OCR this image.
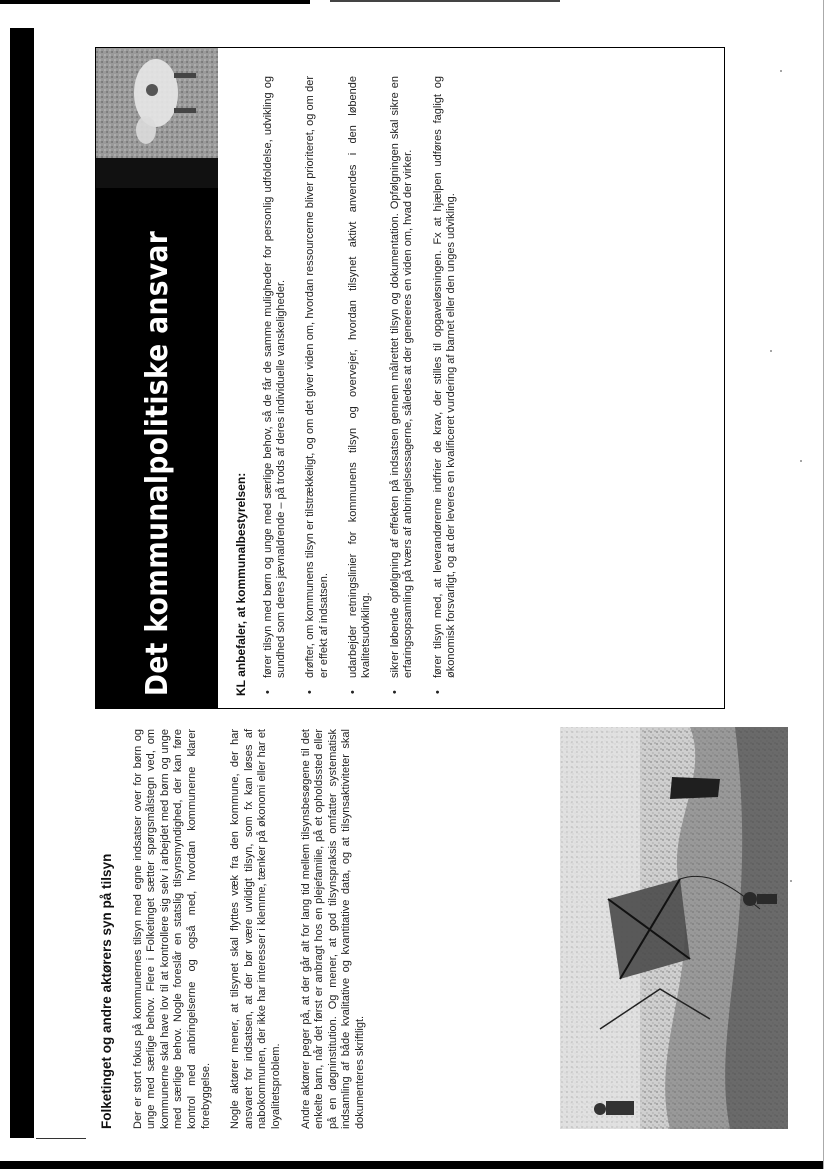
Folketinget og andre aktørers syn på tilsyn Der er stort fokus på kommunernes tilsyn med egne indsatser over for børn og unge med særlige behov. Flere i Folketinget sætter spørgsmålstegn ved, om kommunerne skal have lov til at kontrollere sig selv i arbejdet med børn og unge med særlige behov. Nogle foreslår en statslig tilsynsmyndighed, der kan føre kontrol med anbringelserne og også med, hvordan kommunerne klarer forebyggelse. Nogle aktører mener, at tilsynet skal flyttes væk fra den kommune, der har ansvaret for indsatsen, at der bør være uvildigt tilsyn, som fx kan løses af nabokommunen, der ikke har interesser i klemme, tænker på økonomi eller har et loyalitetsproblem. Andre aktører peger på, at der går alt for lang tid mellem tilsynsbesøgene til det enkelte barn, når det først er anbragt hos en plejefamilie, på et opholdssted eller på en døgninstitution. Og mener, at god tilsynspraksis omfatter systematisk indsamling af både kvalitative og kvantitative data, og at tilsynsaktiviteter skal dokumenteres skriftligt.

Det kommunalpolitiske ansvar	KL anbefaler, at kommunalbestyrelsen: •
fører tilsyn med børn og unge med særlige behov, så de får de samme muligheder for personlig udfoldelse, udvikling og sundhed som deres jævnaldrende – på trods af deres individuelle vanskeligheder.
•
drøfter, om kommunens tilsyn er tilstrækkeligt, og om det giver viden om, hvordan ressourcerne bliver prioriteret, og om der er effekt af indsatsen.
•
udarbejder retningslinier for kommunens tilsyn og overvejer, hvordan tilsynet aktivt anvendes i den løbende kvalitetsudvikling.
•
sikrer løbende opfølgning af effekten på indsatsen gennem målrettet tilsyn og dokumentation. Opfølgningen skal sikre en erfaringsopsamling på tværs af anbringelsessagerne, således at der genereres en viden om, hvad der virker.
•
fører tilsyn med, at leverandørerne indfrier de krav, der stilles til opgaveløsningen. Fx at hjælpen udføres fagligt og økonomisk forsvarligt, og at der leveres en kvalificeret vurdering af barnet eller den unges udvikling.
